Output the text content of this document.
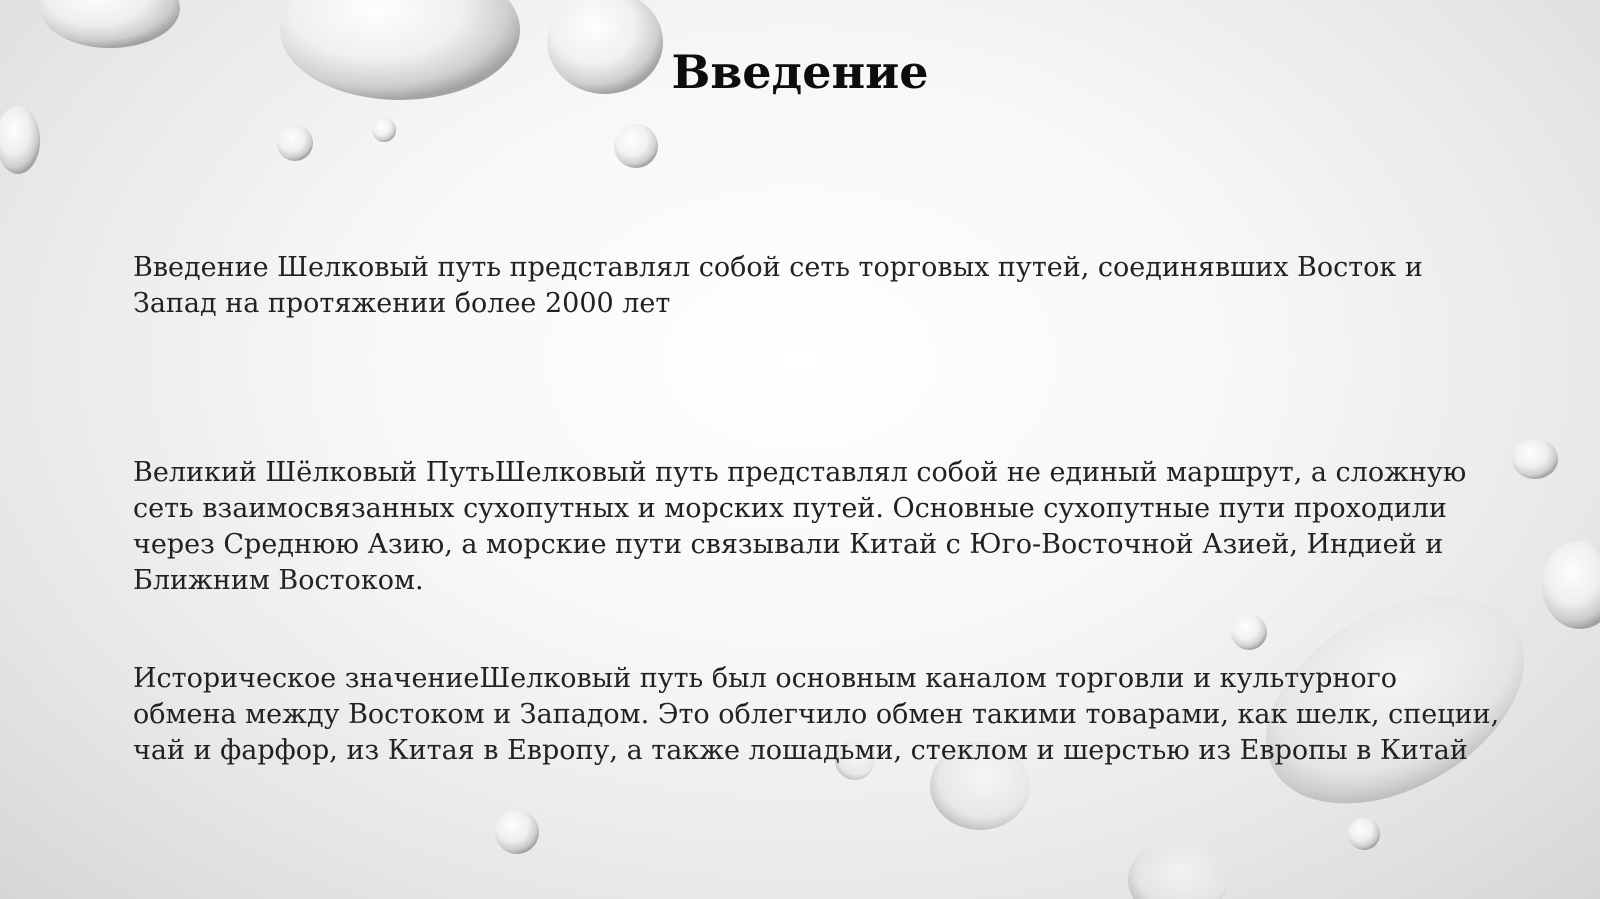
Введение

Введение Шелковый путь представлял собой сеть торговых путей, соединявших Восток и Запад на протяжении более 2000 лет

Великий Шёлковый ПутьШелковый путь представлял собой не единый маршрут, а сложную сеть взаимосвязанных сухопутных и морских путей. Основные сухопутные пути проходили через Среднюю Азию, а морские пути связывали Китай с Юго-Восточной Азией, Индией и Ближним Востоком.

Историческое значениеШелковый путь был основным каналом торговли и культурного обмена между Востоком и Западом. Это облегчило обмен такими товарами, как шелк, специи, чай и фарфор, из Китая в Европу, а также лошадьми, стеклом и шерстью из Европы в Китай
